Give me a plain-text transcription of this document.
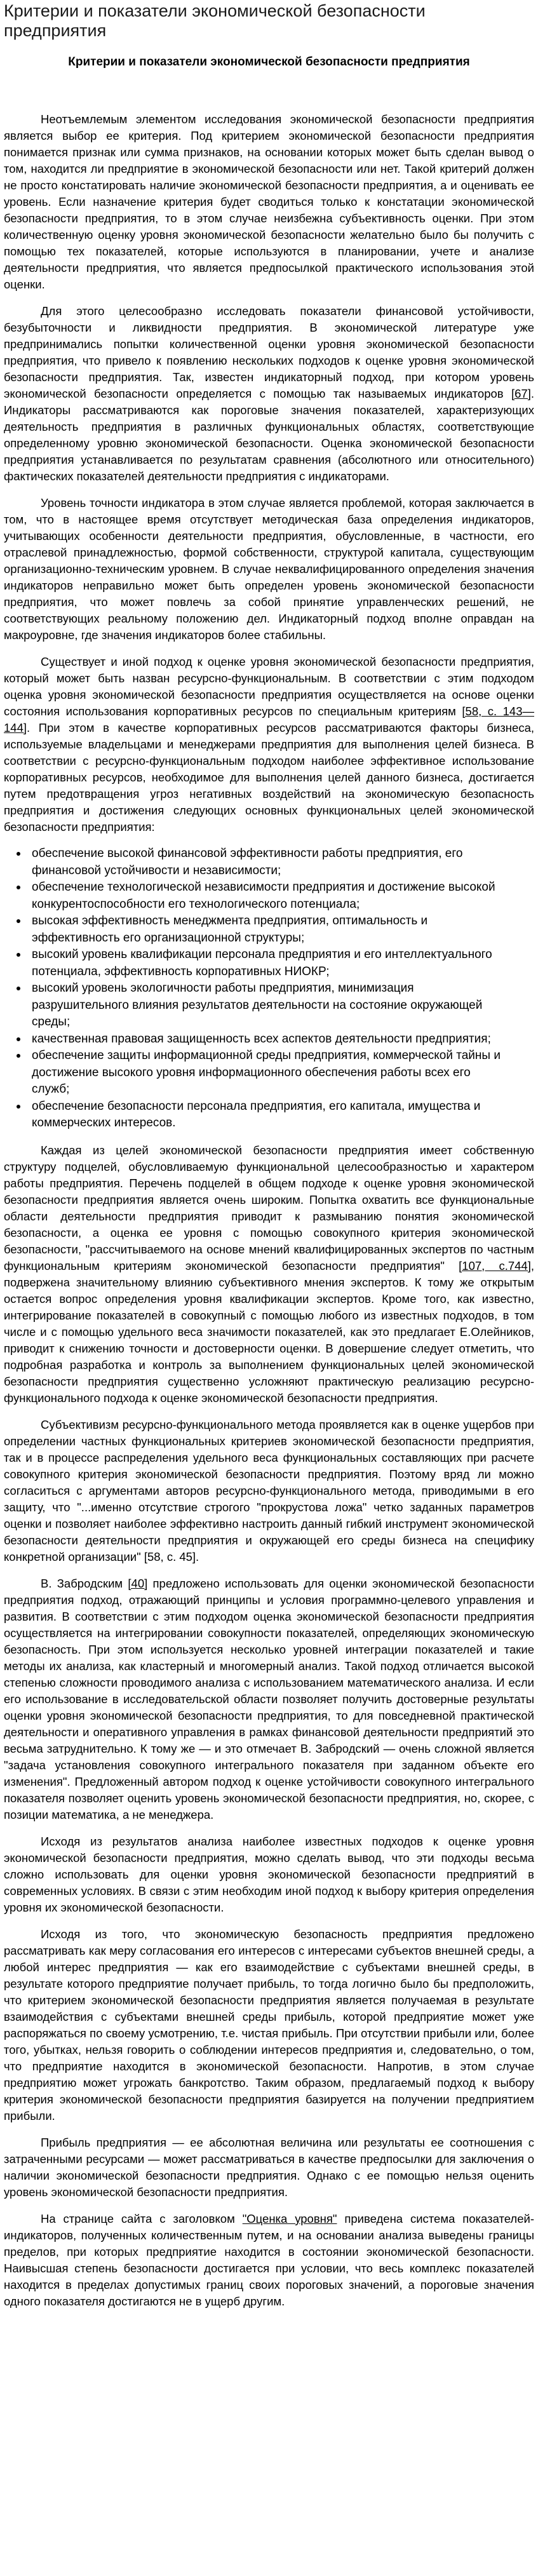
Критерии и показатели экономической безопасности предприятия
Критерии и показатели экономической безопасности предприятия

Неотъемлемым элементом исследования экономической безопасности предприятия является выбор ее критерия. Под критерием экономической безопасности предприятия понимается признак или сумма признаков, на основании которых может быть сделан вывод о том, находится ли предприятие в экономической безопасности или нет. Такой критерий должен не просто констатировать наличие экономической безопасности предприятия, а и оценивать ее уровень. Если назначение критерия будет сводиться только к констатации экономической безопасности предприятия, то в этом случае неизбежна субъективность оценки. При этом количественную оценку уровня экономической безопасности желательно было бы получить с помощью тех показателей, которые используются в планировании, учете и анализе деятельности предприятия, что является предпосылкой практического использования этой оценки.

Для этого целесообразно исследовать показатели финансовой устойчивости, безубыточности и ликвидности предприятия. В экономической литературе уже предпринимались попытки количественной оценки уровня экономической безопасности предприятия, что привело к появлению нескольких подходов к оценке уровня экономической безопасности предприятия. Так, известен индикаторный подход, при котором уровень экономической безопасности определяется с помощью так называемых индикаторов [67]. Индикаторы рассматриваются как пороговые значения показателей, характеризующих деятельность предприятия в различных функциональных областях, соответствующие определенному уровню экономической безопасности. Оценка экономической безопасности предприятия устанавливается по результатам сравнения (абсолютного или относительного) фактических показателей деятельности предприятия с индикаторами.

Уровень точности индикатора в этом случае является проблемой, которая заключается в том, что в настоящее время отсутствует методическая база определения индикаторов, учитывающих особенности деятельности предприятия, обусловленные, в частности, его отраслевой принадлежностью, формой собственности, структурой капитала, существующим организационно-техническим уровнем. В случае неквалифицированного определения значения индикаторов неправильно может быть определен уровень экономической безопасности предприятия, что может повлечь за собой принятие управленческих решений, не соответствующих реальному положению дел. Индикаторный подход вполне оправдан на макроуровне, где значения индикаторов более стабильны.

Существует и иной подход к оценке уровня экономической безопасности предприятия, который может быть назван ресурсно-функциональным. В соответствии с этим подходом оценка уровня экономической безопасности предприятия осуществляется на основе оценки состояния использования корпоративных ресурсов по специальным критериям [58, с. 143—144]. При этом в качестве корпоративных ресурсов рассматриваются факторы бизнеса, используемые владельцами и менеджерами предприятия для выполнения целей бизнеса. В соответствии с ресурсно-функциональным подходом наиболее эффективное использование корпоративных ресурсов, необходимое для выполнения целей данного бизнеса, достигается путем предотвращения угроз негативных воздействий на экономическую безопасность предприятия и достижения следующих основных функциональных целей экономической безопасности предприятия:

обеспечение высокой финансовой эффективности работы предприятия, его финансовой устойчивости и независимости;
обеспечение технологической независимости предприятия и достижение высокой конкурентоспособности его технологического потенциала;
высокая эффективность менеджмента предприятия, оптимальность и эффективность его организационной структуры;
высокий уровень квалификации персонала предприятия и его интеллектуального потенциала, эффективность корпоративных НИОКР;
высокий уровень экологичности работы предприятия, минимизация разрушительного влияния результатов деятельности на состояние окружающей среды;
качественная правовая защищенность всех аспектов деятельности предприятия;
обеспечение защиты информационной среды предприятия, коммерческой тайны и достижение высокого уровня информационного обеспечения работы всех его служб;
обеспечение безопасности персонала предприятия, его капитала, имущества и коммерческих интересов.

Каждая из целей экономической безопасности предприятия имеет собственную структуру подцелей, обусловливаемую функциональной целесообразностью и характером работы предприятия. Перечень подцелей в общем подходе к оценке уровня экономической безопасности предприятия является очень широким. Попытка охватить все функциональные области деятельности предприятия приводит к размыванию понятия экономической безопасности, а оценка ее уровня с помощью совокупного критерия экономической безопасности, "рассчитываемого на основе мнений квалифицированных экспертов по частным функциональным критериям экономической безопасности предприятия" [107, с.744], подвержена значительному влиянию субъективного мнения экспертов. К тому же открытым остается вопрос определения уровня квалификации экспертов. Кроме того, как известно, интегрирование показателей в совокупный с помощью любого из известных подходов, в том числе и с помощью удельного веса значимости показателей, как это предлагает Е.Олейников, приводит к снижению точности и достоверности оценки. В довершение следует отметить, что подробная разработка и контроль за выполнением функциональных целей экономической безопасности предприятия существенно усложняют практическую реализацию ресурсно-функционального подхода к оценке экономической безопасности предприятия.

Субъективизм ресурсно-функционального метода проявляется как в оценке ущербов при определении частных функциональных критериев экономической безопасности предприятия, так и в процессе распределения удельного веса функциональных составляющих при расчете совокупного критерия экономической безопасности предприятия. Поэтому вряд ли можно согласиться с аргументами авторов ресурсно-функционального метода, приводимыми в его защиту, что "...именно отсутствие строгого "прокрустова ложа" четко заданных параметров оценки и позволяет наиболее эффективно настроить данный гибкий инструмент экономической безопасности деятельности предприятия и окружающей его среды бизнеса на специфику конкретной организации" [58, с. 45].

В. Забродским [40] предложено использовать для оценки экономической безопасности предприятия подход, отражающий принципы и условия программно-целевого управления и развития. В соответствии с этим подходом оценка экономической безопасности предприятия осуществляется на интегрировании совокупности показателей, определяющих экономическую безопасность. При этом используется несколько уровней интеграции показателей и такие методы их анализа, как кластерный и многомерный анализ. Такой подход отличается высокой степенью сложности проводимого анализа с использованием математического анализа. И если его использование в исследовательской области позволяет получить достоверные результаты оценки уровня экономической безопасности предприятия, то для повседневной практической деятельности и оперативного управления в рамках финансовой деятельности предприятий это весьма затруднительно. К тому же — и это отмечает В. Забродский — очень сложной является "задача установления совокупного интегрального показателя при заданном объекте его изменения". Предложенный автором подход к оценке устойчивости совокупного интегрального показателя позволяет оценить уровень экономической безопасности предприятия, но, скорее, с позиции математика, а не менеджера.

Исходя из результатов анализа наиболее известных подходов к оценке уровня экономической безопасности предприятия, можно сделать вывод, что эти подходы весьма сложно использовать для оценки уровня экономической безопасности предприятий в современных условиях. В связи с этим необходим иной подход к выбору критерия определения уровня их экономической безопасности.

Исходя из того, что экономическую безопасность предприятия предложено рассматривать как меру согласования его интересов с интересами субъектов внешней среды, а любой интерес предприятия — как его взаимодействие с субъектами внешней среды, в результате которого предприятие получает прибыль, то тогда логично было бы предположить, что критерием экономической безопасности предприятия является получаемая в результате взаимодействия с субъектами внешней среды прибыль, которой предприятие может уже распоряжаться по своему усмотрению, т.е. чистая прибыль. При отсутствии прибыли или, более того, убытках, нельзя говорить о соблюдении интересов предприятия и, следовательно, о том, что предприятие находится в экономической безопасности. Напротив, в этом случае предприятию может угрожать банкротство. Таким образом, предлагаемый подход к выбору критерия экономической безопасности предприятия базируется на получении предприятием прибыли.

Прибыль предприятия — ее абсолютная величина или результаты ее соотношения с затраченными ресурсами — может рассматриваться в качестве предпосылки для заключения о наличии экономической безопасности предприятия. Однако с ее помощью нельзя оценить уровень экономической безопасности предприятия.

На странице сайта с заголовком "Оценка уровня" приведена система показателей-индикаторов, полученных количественным путем, и на основании анализа выведены границы пределов, при которых предприятие находится в состоянии экономической безопасности. Наивысшая степень безопасности достигается при условии, что весь комплекс показателей находится в пределах допустимых границ своих пороговых значений, а пороговые значения одного показателя достигаются не в ущерб другим.
